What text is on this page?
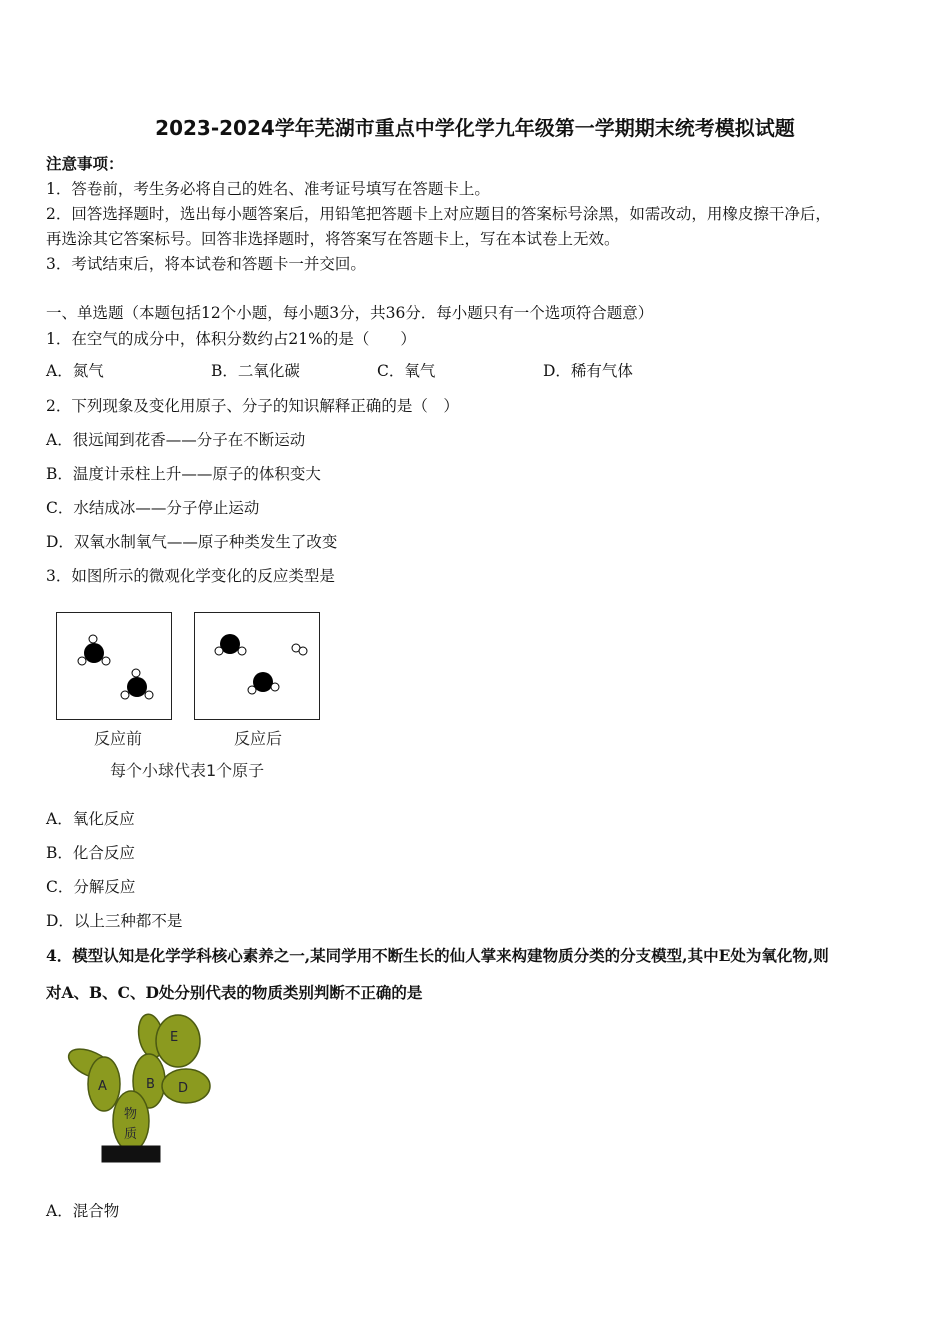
2023-2024学年芜湖市重点中学化学九年级第一学期期末统考模拟试题
注意事项：
1．答卷前，考生务必将自己的姓名、准考证号填写在答题卡上。
2．回答选择题时，选出每小题答案后，用铅笔把答题卡上对应题目的答案标号涂黑，如需改动，用橡皮擦干净后，
再选涂其它答案标号。回答非选择题时，将答案写在答题卡上，写在本试卷上无效。
3．考试结束后，将本试卷和答题卡一并交回。
一、单选题（本题包括12个小题，每小题3分，共36分．每小题只有一个选项符合题意）
1．在空气的成分中，体积分数约占21%的是（　　）
A．氮气	B．二氧化碳	C．氧气	D．稀有气体
2．下列现象及变化用原子、分子的知识解释正确的是（　）
A．很远闻到花香——分子在不断运动
B．温度计汞柱上升——原子的体积变大
C．水结成冰——分子停止运动
D．双氧水制氧气——原子种类发生了改变
3．如图所示的微观化学变化的反应类型是
反应前	反应后
每个小球代表1个原子
A．氧化反应
B．化合反应
C．分解反应
D．以上三种都不是
4．模型认知是化学学科核心素养之一,某同学用不断生长的仙人掌来构建物质分类的分支模型,其中E处为氧化物,则
对A、B、C、D处分别代表的物质类别判断不正确的是
A	B D
E
物
质
A．混合物
